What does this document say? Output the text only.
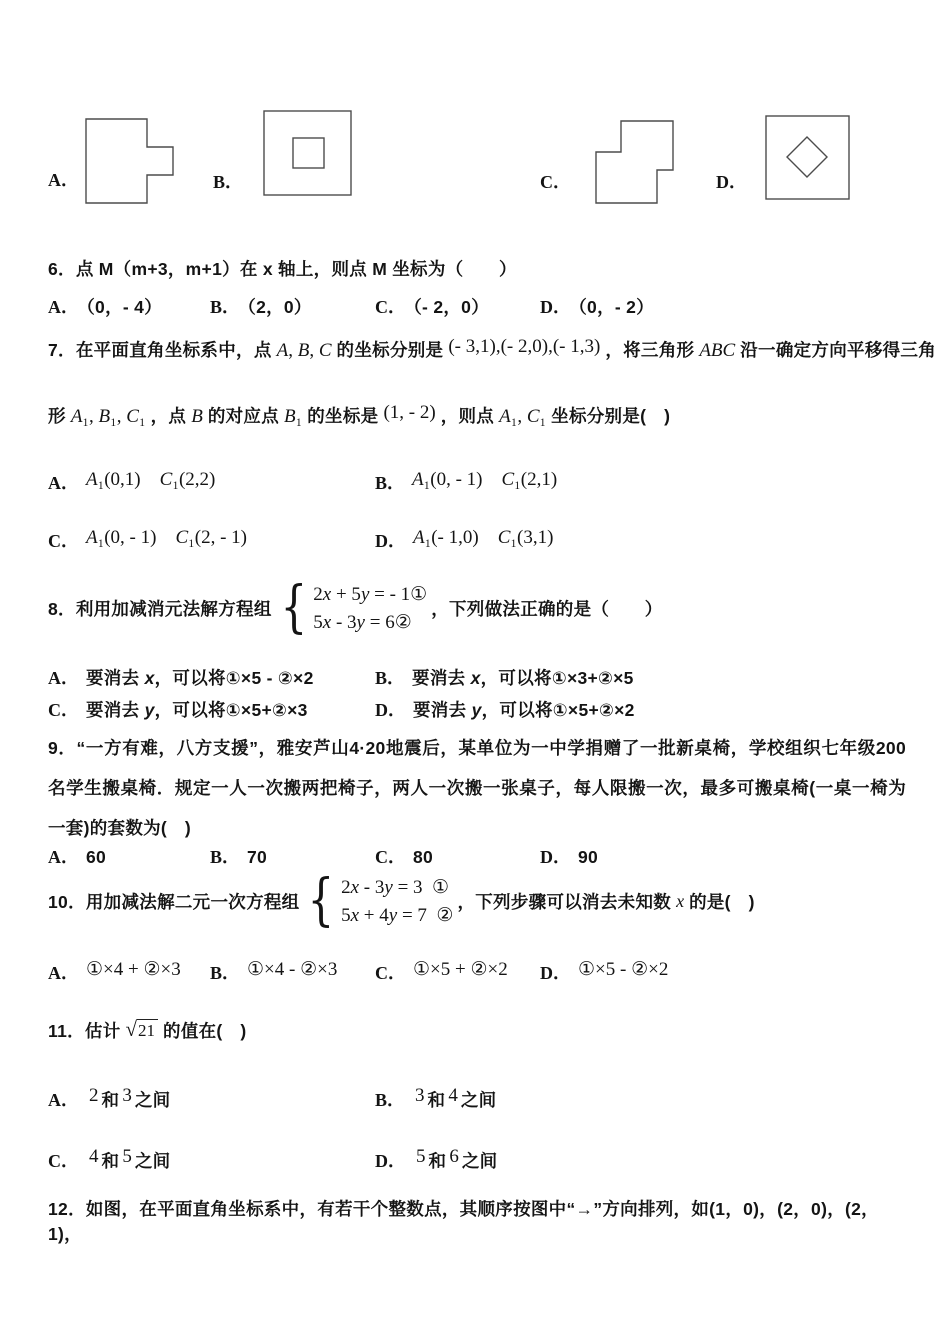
A．	B．	C．	D．
6．点 M（m+3，m+1）在 x 轴上，则点 M 坐标为（　　）
A． （0，- 4）	B． （2，0）	C． （- 2，0）	D． （0，- 2）
7．在平面直角坐标系中，点 A, B, C 的坐标分别是 (- 3,1),(- 2,0),(- 1,3) ，将三角形 ABC 沿一确定方向平移得三角
形 A₁, B₁, C₁ ，点 B 的对应点 B₁ 的坐标是 (1, - 2) ，则点 A₁, C₁ 坐标分别是(　)
A． A₁(0,1)　C₁(2,2)	B． A₁(0, - 1)　C₁(2,1)
C． A₁(0, - 1)　C₁(2, - 1)	D． A₁(- 1,0)　C₁(3,1)
8．利用加减消元法解方程组 { 2x + 5y = - 1①
5x - 3y = 6②
，下列做法正确的是（　　）
A． 要消去 x，可以将①×5 - ②×2	B． 要消去 x，可以将①×3+②×5
C． 要消去 y，可以将①×5+②×3	D． 要消去 y，可以将①×5+②×2
9．“一方有难，八方支援”，雅安芦山4·20地震后，某单位为一中学捐赠了一批新桌椅，学校组织七年级200名学生搬桌椅．规定一人一次搬两把椅子，两人一次搬一张桌子，每人限搬一次，最多可搬桌椅(一桌一椅为一套)的套数为(　)
A． 60	B． 70	C． 80	D． 90
10．用加减法解二元一次方程组 { 2x - 3y = 3  ①
5x + 4y = 7  ②
，下列步骤可以消去未知数 x 的是(　)
A． ①×4 + ②×3 B． ①×4 - ②×3 C． ①×5 + ②×2 D． ①×5 - ②×2
11．估计 √ 21 的值在(　)
A． 2 和 3 之间	B． 3 和 4 之间
C． 4 和 5 之间	D． 5 和 6 之间
12．如图，在平面直角坐标系中，有若干个整数点，其顺序按图中“→”方向排列，如(1，0)，(2，0)，(2，1)，
